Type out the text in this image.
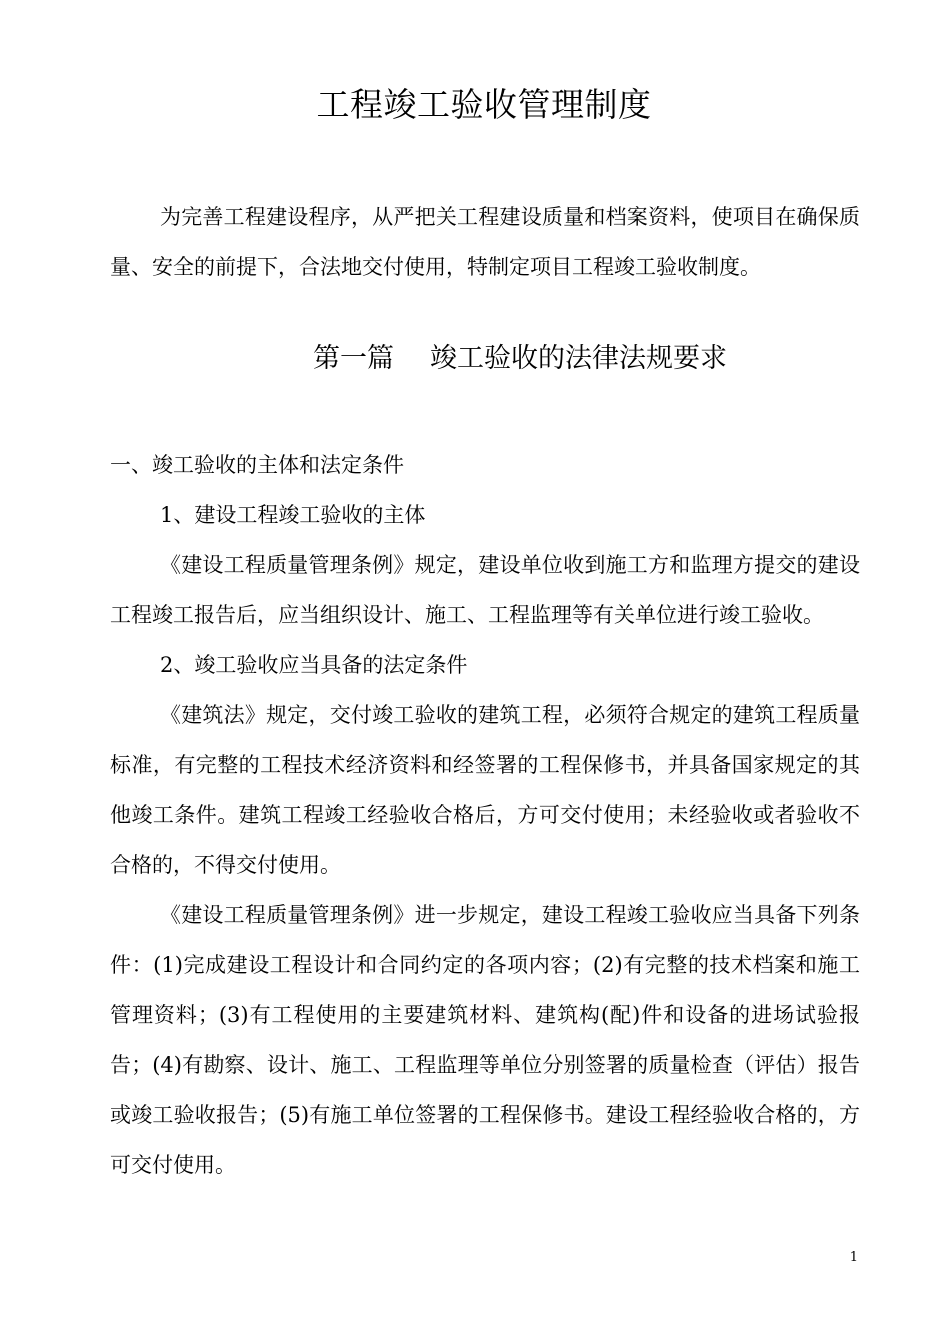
工程竣工验收管理制度

为完善工程建设程序，从严把关工程建设质量和档案资料，使项目在确保质量、安全的前提下，合法地交付使用，特制定项目工程竣工验收制度。

第一篇 竣工验收的法律法规要求

一、竣工验收的主体和法定条件

1、建设工程竣工验收的主体

《建设工程质量管理条例》规定，建设单位收到施工方和监理方提交的建设工程竣工报告后，应当组织设计、施工、工程监理等有关单位进行竣工验收。

2、竣工验收应当具备的法定条件

《建筑法》规定，交付竣工验收的建筑工程，必须符合规定的建筑工程质量标准，有完整的工程技术经济资料和经签署的工程保修书，并具备国家规定的其他竣工条件。建筑工程竣工经验收合格后，方可交付使用；未经验收或者验收不合格的，不得交付使用。

《建设工程质量管理条例》进一步规定，建设工程竣工验收应当具备下列条件：(1)完成建设工程设计和合同约定的各项内容；(2)有完整的技术档案和施工管理资料；(3)有工程使用的主要建筑材料、建筑构(配)件和设备的进场试验报告；(4)有勘察、设计、施工、工程监理等单位分别签署的质量检查（评估）报告或竣工验收报告；(5)有施工单位签署的工程保修书。建设工程经验收合格的，方可交付使用。

1
